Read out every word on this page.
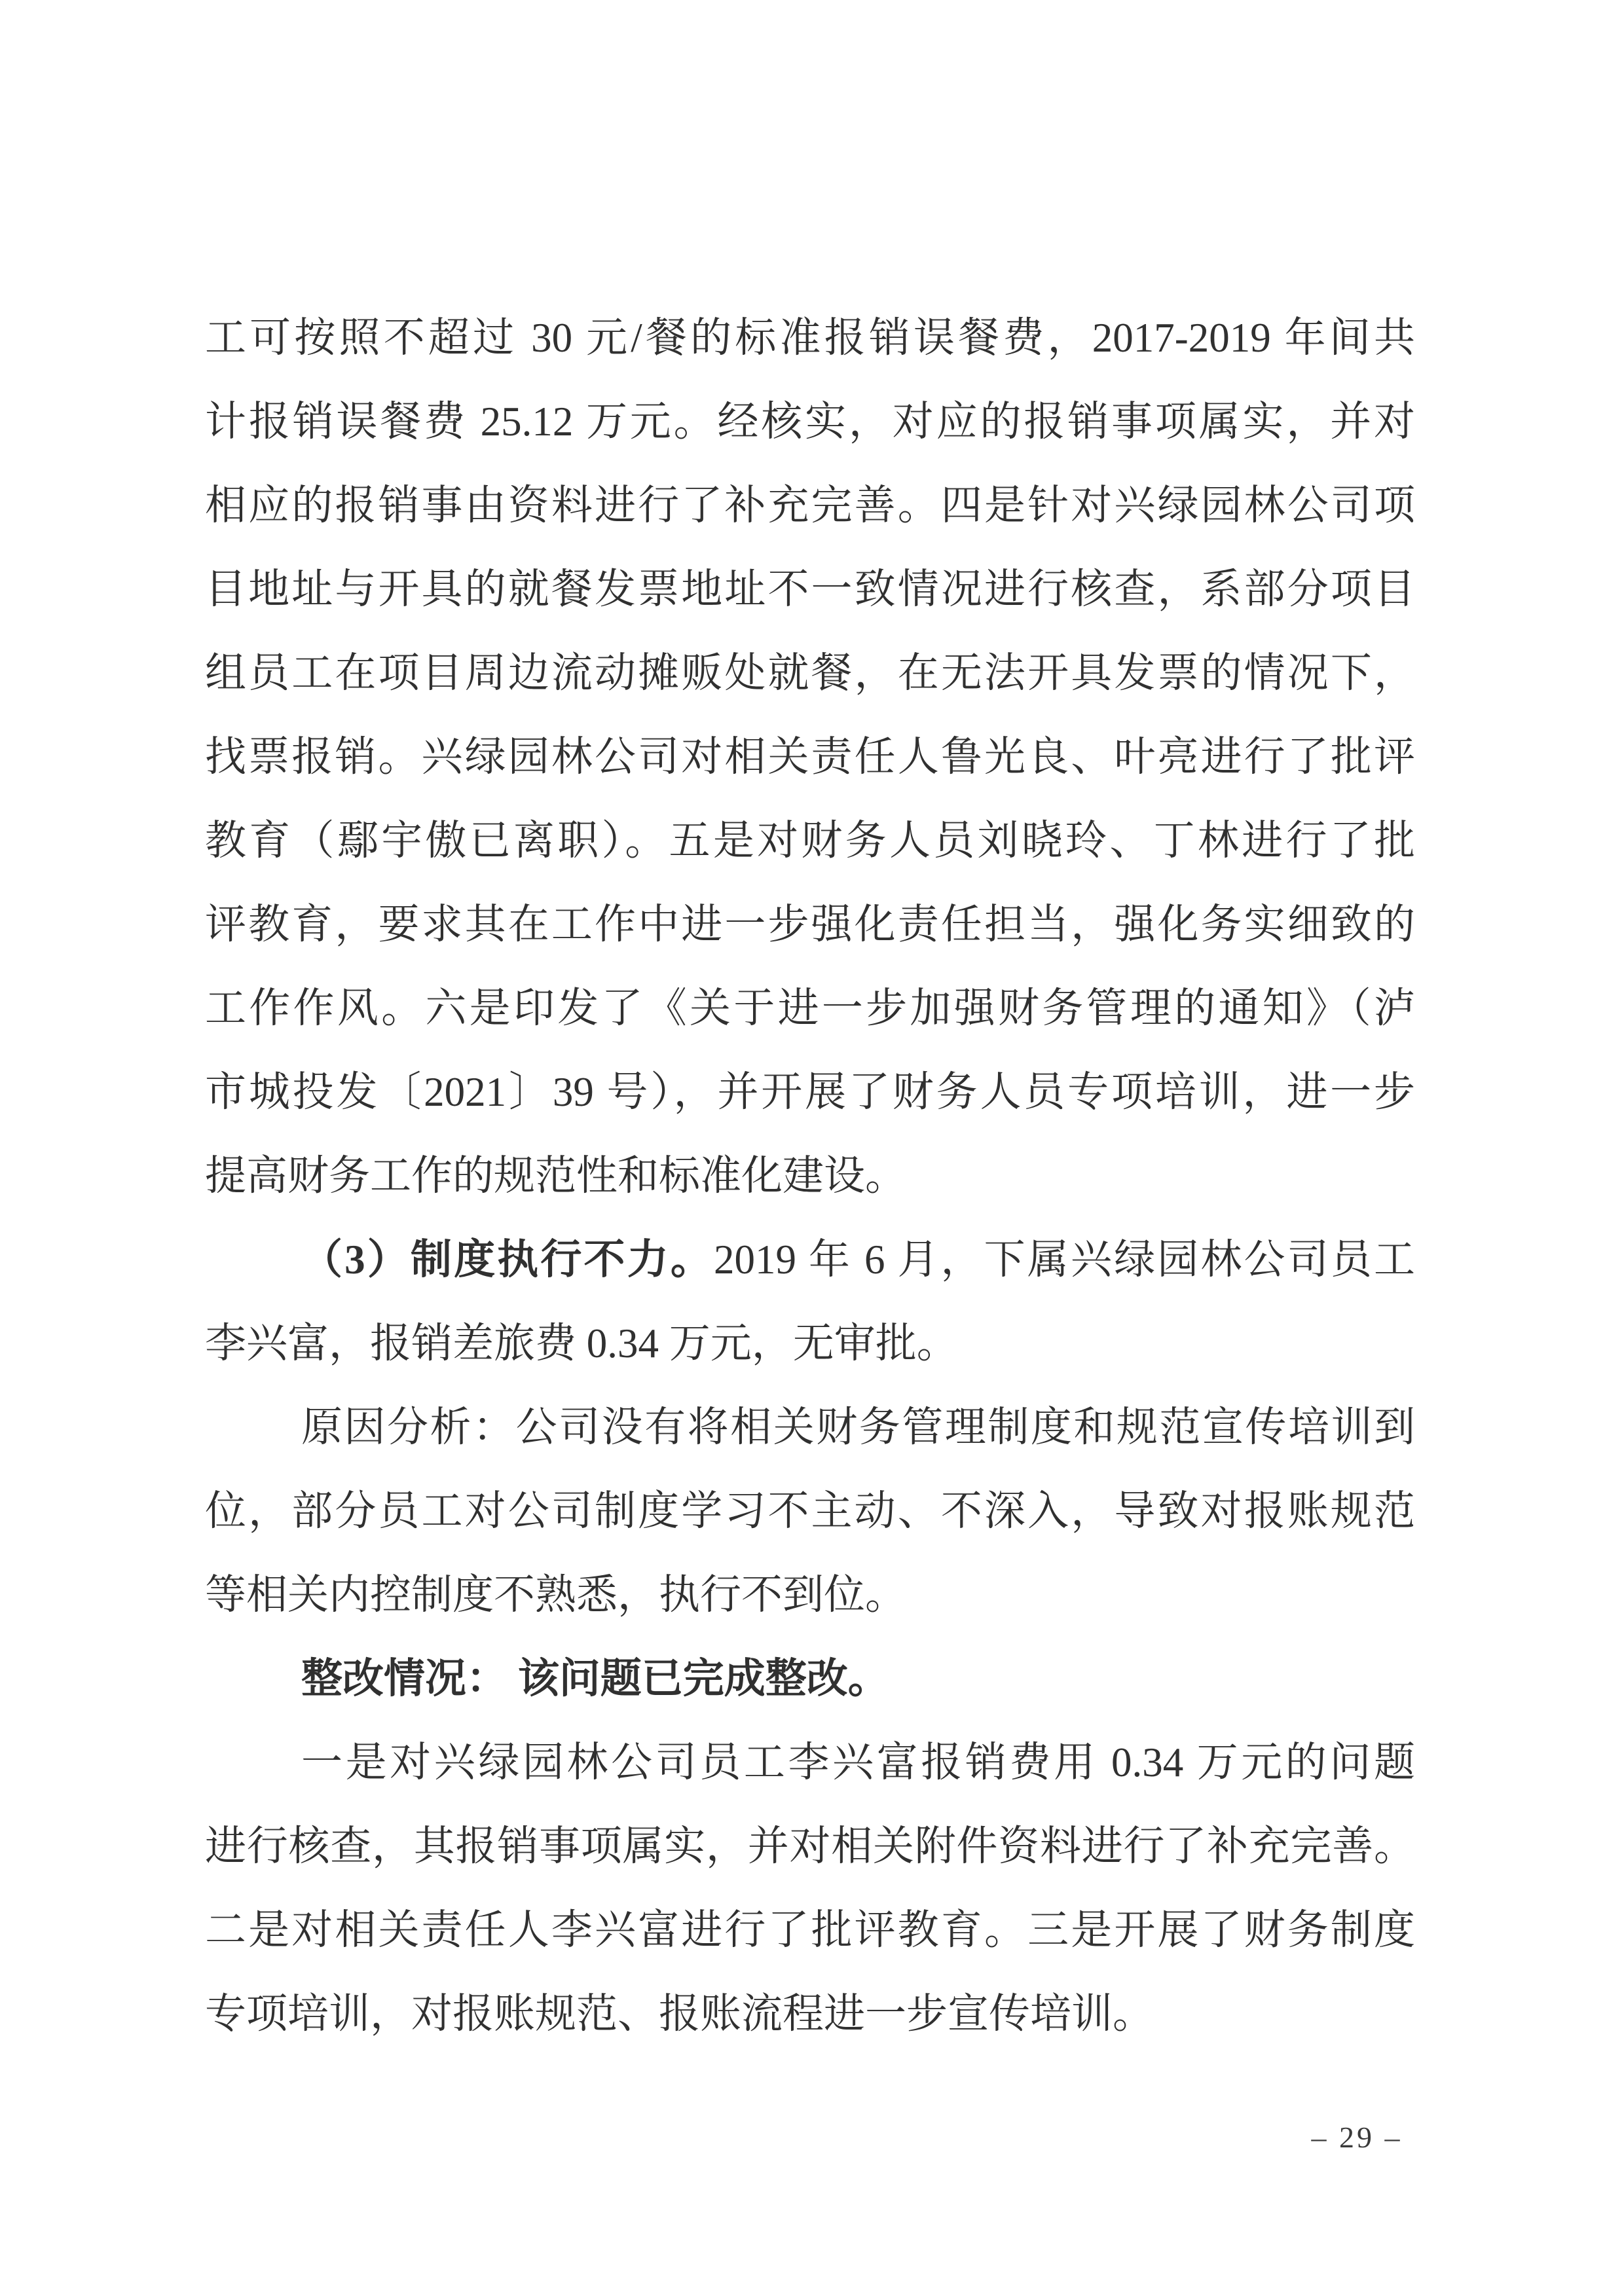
工可按照不超过 30 元/餐的标准报销误餐费，2017-2019 年间共
计报销误餐费 25.12 万元。经核实，对应的报销事项属实，并对
相应的报销事由资料进行了补充完善。四是针对兴绿园林公司项
目地址与开具的就餐发票地址不一致情况进行核查，系部分项目
组员工在项目周边流动摊贩处就餐，在无法开具发票的情况下，
找票报销。兴绿园林公司对相关责任人鲁光良、叶亮进行了批评
教育（鄢宇傲已离职）。五是对财务人员刘晓玲、丁林进行了批
评教育，要求其在工作中进一步强化责任担当，强化务实细致的
工作作风。六是印发了《关于进一步加强财务管理的通知》（泸
市城投发〔2021〕39 号），并开展了财务人员专项培训，进一步
提高财务工作的规范性和标准化建设。
（3）制度执行不力。2019 年 6 月，下属兴绿园林公司员工
李兴富，报销差旅费 0.34 万元，无审批。
原因分析：公司没有将相关财务管理制度和规范宣传培训到
位，部分员工对公司制度学习不主动、不深入，导致对报账规范
等相关内控制度不熟悉，执行不到位。
整改情况： 该问题已完成整改。
一是对兴绿园林公司员工李兴富报销费用 0.34 万元的问题
进行核查，其报销事项属实，并对相关附件资料进行了补充完善。
二是对相关责任人李兴富进行了批评教育。三是开展了财务制度
专项培训，对报账规范、报账流程进一步宣传培训。
– 29 –
